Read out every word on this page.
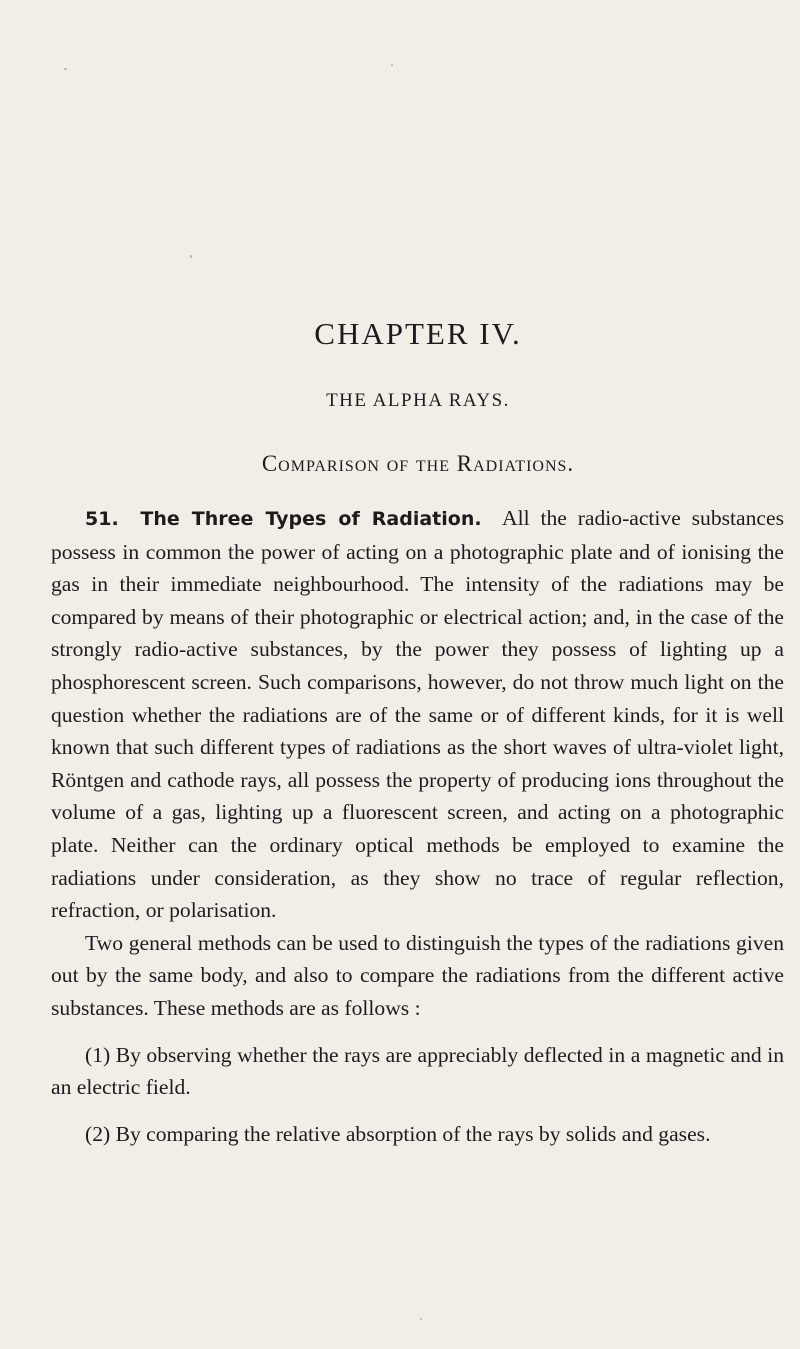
CHAPTER IV.
THE ALPHA RAYS.
Comparison of the Radiations.

51. The Three Types of Radiation. All the radio-active substances possess in common the power of acting on a photographic plate and of ionising the gas in their immediate neighbourhood. The intensity of the radiations may be compared by means of their photographic or electrical action; and, in the case of the strongly radio-active substances, by the power they possess of lighting up a phosphorescent screen. Such comparisons, however, do not throw much light on the question whether the radiations are of the same or of different kinds, for it is well known that such different types of radiations as the short waves of ultra-violet light, Röntgen and cathode rays, all possess the property of producing ions throughout the volume of a gas, lighting up a fluorescent screen, and acting on a photographic plate. Neither can the ordinary optical methods be employed to examine the radiations under consideration, as they show no trace of regular reflection, refraction, or polarisation.

Two general methods can be used to distinguish the types of the radiations given out by the same body, and also to compare the radiations from the different active substances. These methods are as follows :

(1) By observing whether the rays are appreciably deflected in a magnetic and in an electric field.

(2) By comparing the relative absorption of the rays by solids and gases.
